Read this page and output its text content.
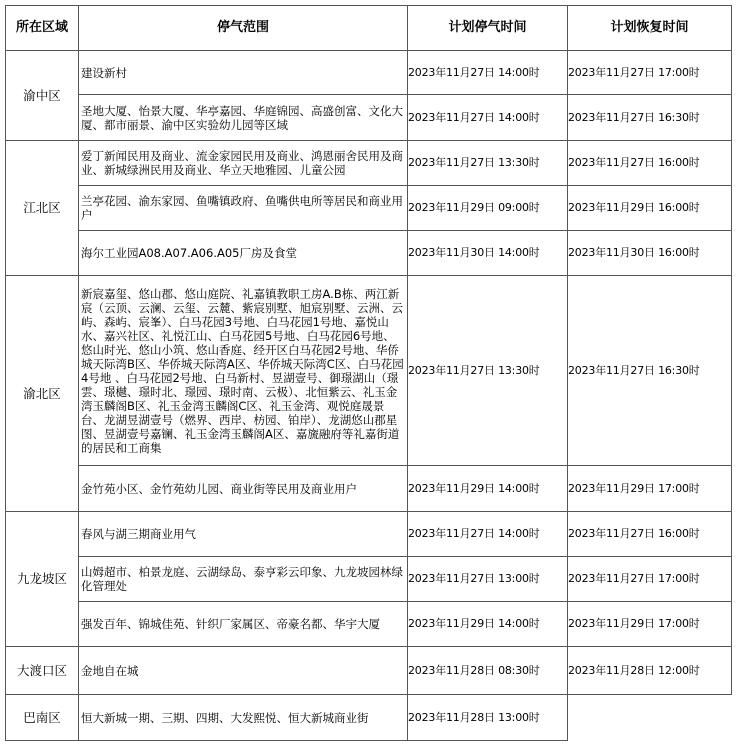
所在区域	停气范围	计划停气时间	计划恢复时间
渝中区	建设新村	2023年11月27日 14:00时	2023年11月27日 17:00时
	圣地大厦、怡景大厦、华亭嘉园、华庭锦园、高盛创富、文化大厦、都市丽景、渝中区实验幼儿园等区域	2023年11月27日 14:00时	2023年11月27日 16:30时
江北区	爱丁新闻民用及商业、流金家园民用及商业、鸿恩丽舍民用及商业、新城绿洲民用及商业、华立天地雅园、儿童公园	2023年11月27日 13:30时	2023年11月27日 16:00时
	兰亭花园、渝东家园、鱼嘴镇政府、鱼嘴供电所等居民和商业用户	2023年11月29日 09:00时	2023年11月29日 16:00时
	海尔工业园A08.A07.A06.A05厂房及食堂	2023年11月30日 14:00时	2023年11月30日 16:00时
渝北区	新宸嘉玺、悠山郡、悠山庭院、礼嘉镇教职工房A.B栋、两江新宸（云顶、云澜、云玺、云麓、紫宸别墅、旭宸别墅、云洲、云屿、森屿、宸峯）、白马花园3号地、白马花园1号地、嘉悦山水、嘉兴社区、礼悦江山、白马花园5号地、白马花园6号地、悠山时光、悠山小筑、悠山香庭、经开区白马花园2号地、华侨城天际湾B区、华侨城天际湾A区、华侨城天际湾C区、白马花园4号地 、白马花园2号地、白马新村、昱湖壹号、御璟湖山（璟雲、璟樾、璟时北、璟园、璟时南、云极）、北恒紫云、礼玉金湾玉麟阁B区、礼玉金湾玉麟阁C区、礼玉金湾、观悦庭晟景台、龙湖昱湖壹号（燃界、西岸、枋园、铂岸）、龙湖悠山郡星图、昱湖壹号嘉镧、礼玉金湾玉麟阁A区、嘉旒融府等礼嘉街道的居民和工商集	2023年11月27日 13:30时	2023年11月27日 16:30时
	金竹苑小区、金竹苑幼儿园、商业街等民用及商业用户	2023年11月29日 14:00时	2023年11月29日 17:00时
九龙坡区	春风与湖三期商业用气	2023年11月27日 14:00时	2023年11月27日 16:00时
	山姆超市、柏景龙庭、云湖绿岛、泰亨彩云印象、九龙坡园林绿化管理处	2023年11月27日 13:00时	2023年11月27日 17:00时
	强发百年、锦城佳苑、针织厂家属区、帝豪名都、华宇大厦	2023年11月29日 14:00时	2023年11月29日 17:00时
大渡口区	金地自在城	2023年11月28日 08:30时	2023年11月28日 12:00时
巴南区	恒大新城一期、三期、四期、大发熙悦、恒大新城商业街	2023年11月28日 13:00时	
